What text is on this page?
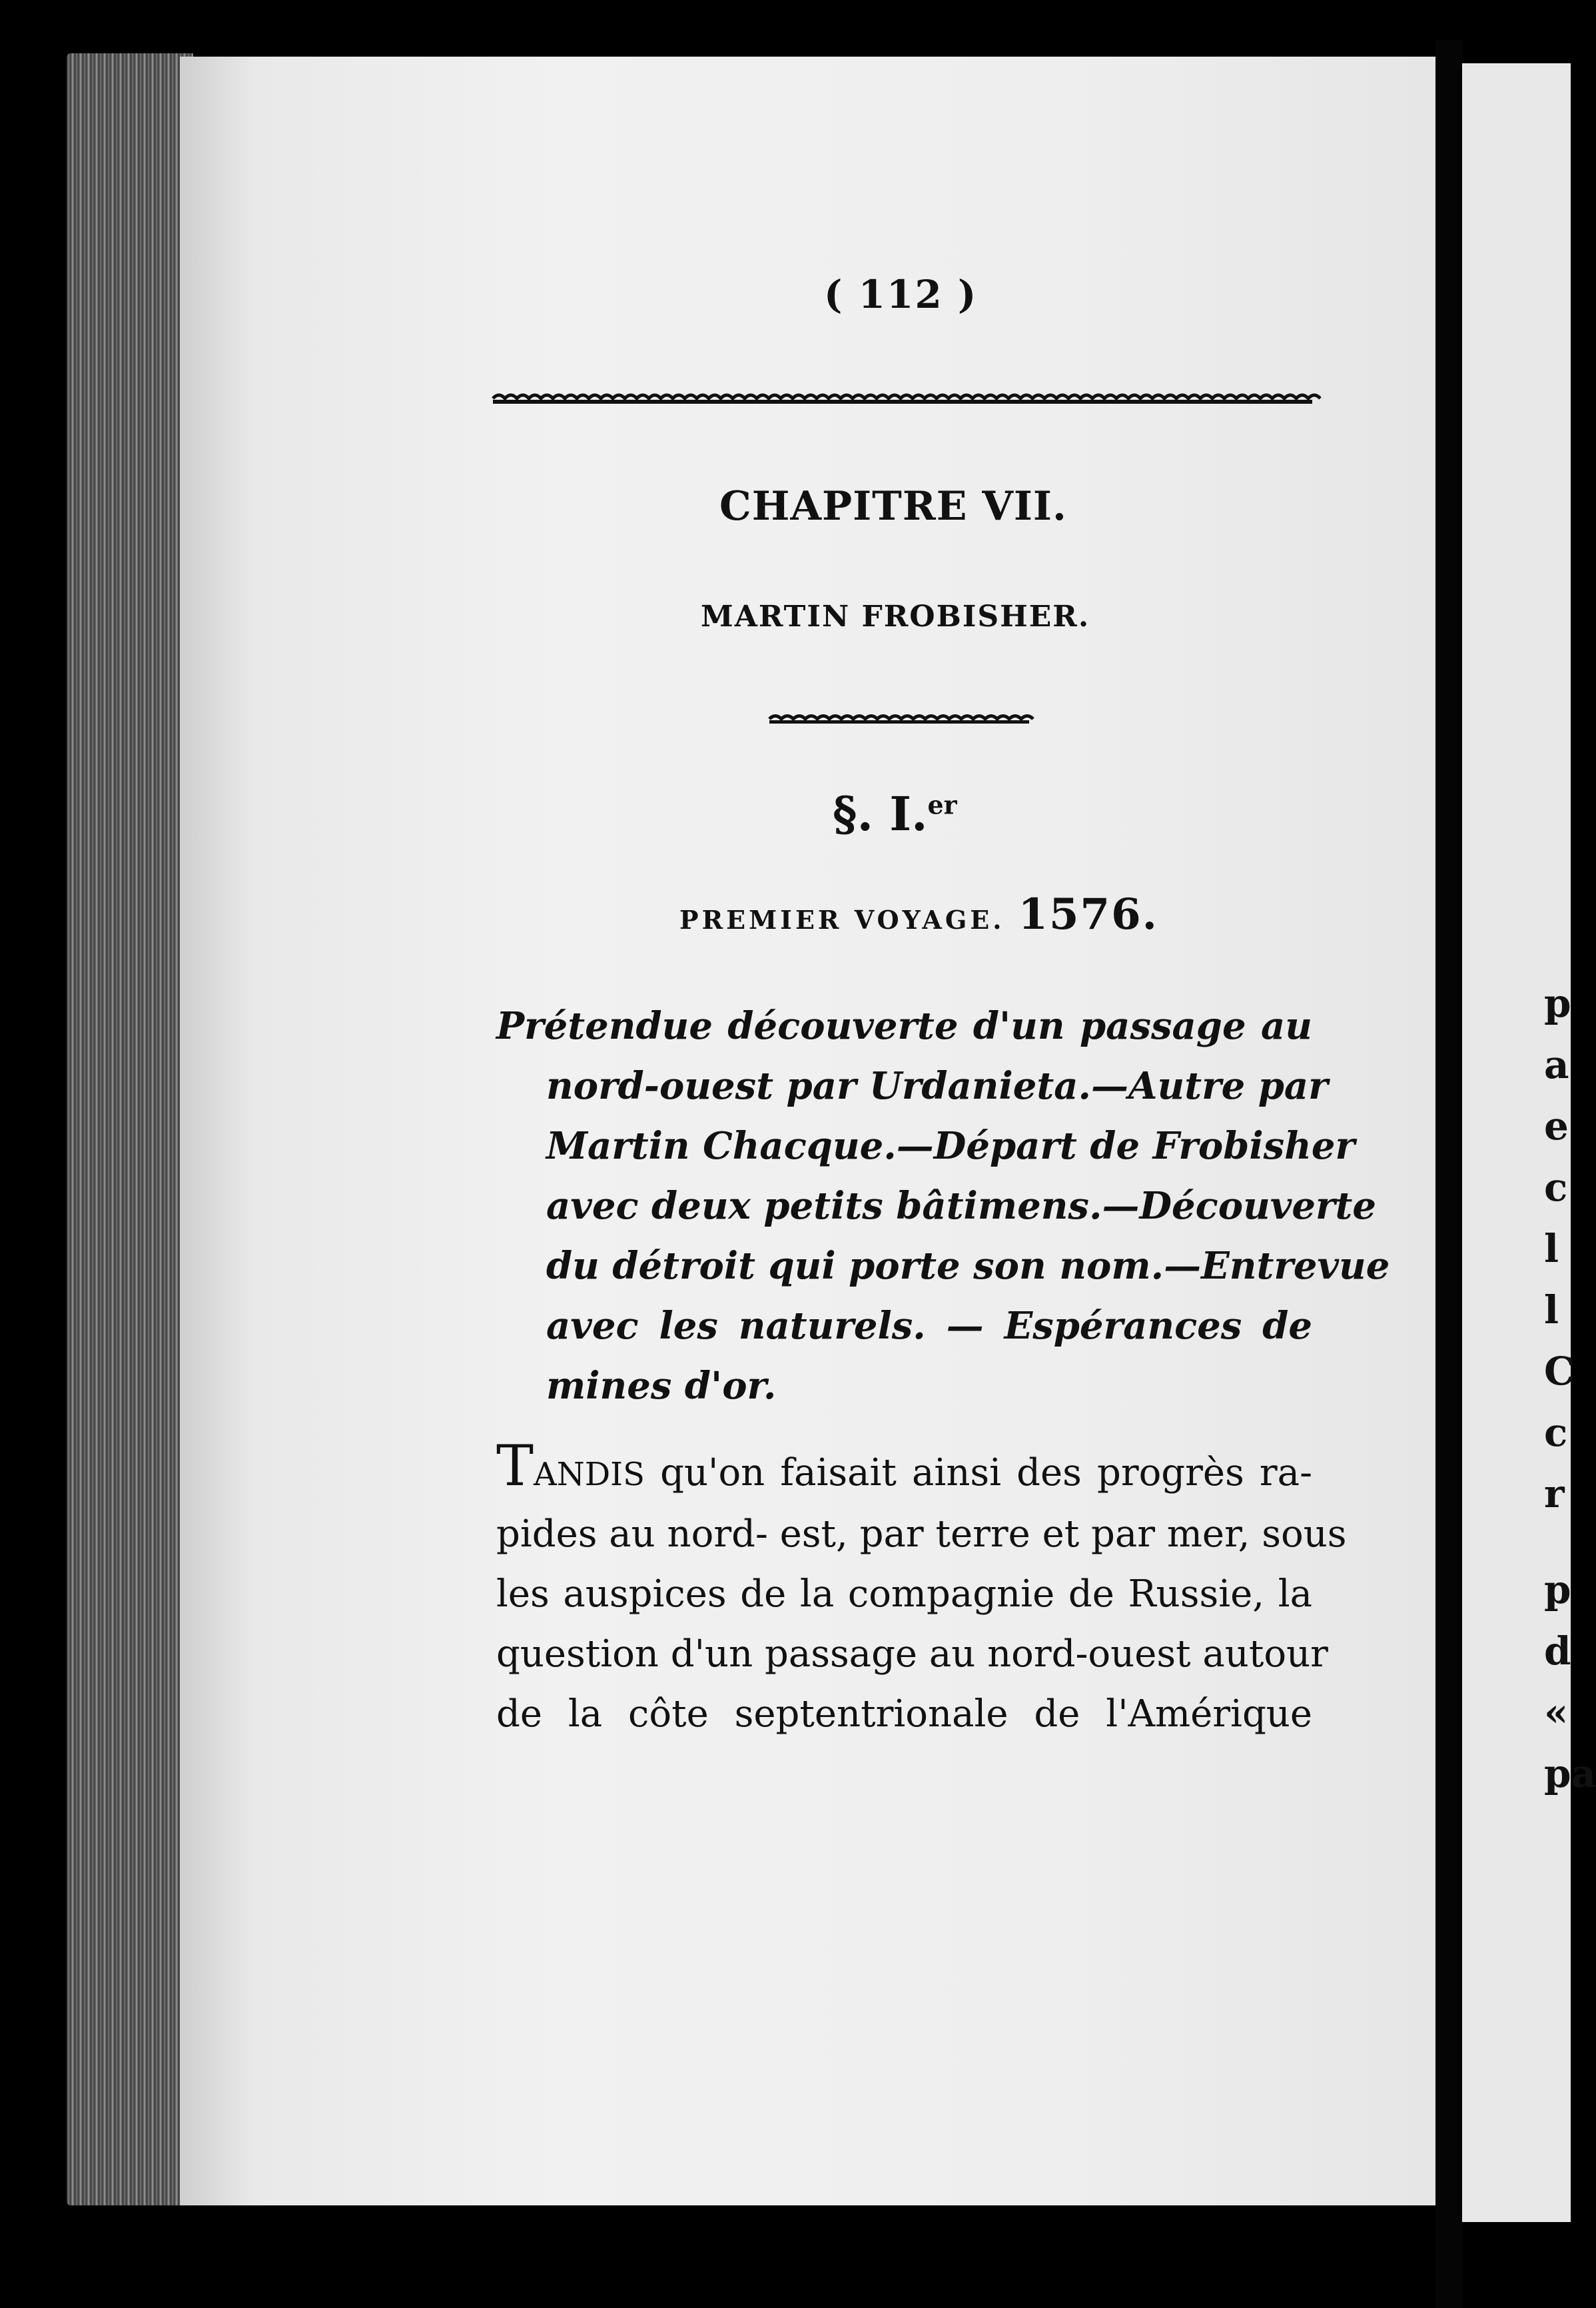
( 112 )
CHAPITRE VII.
MARTIN FROBISHER.
§. I.$^{er}$
PREMIER VOYAGE. 1576.
Prétendue découverte d'un passage au
nord-ouest par Urdanieta.—Autre par
Martin Chacque.—Départ de Frobisher
avec deux petits bâtimens.—Découverte
du détroit qui porte son nom.—Entrevue
avec les naturels. — Espérances de
mines d'or.
TANDIS qu'on faisait ainsi des progrès ra-
pides au nord- est, par terre et par mer, sous
les auspices de la compagnie de Russie, la
question d'un passage au nord-ouest autour
de la côte septentrionale de l'Amérique
p
a
e
c
l
l
C
c
r
p
d
«
pa
